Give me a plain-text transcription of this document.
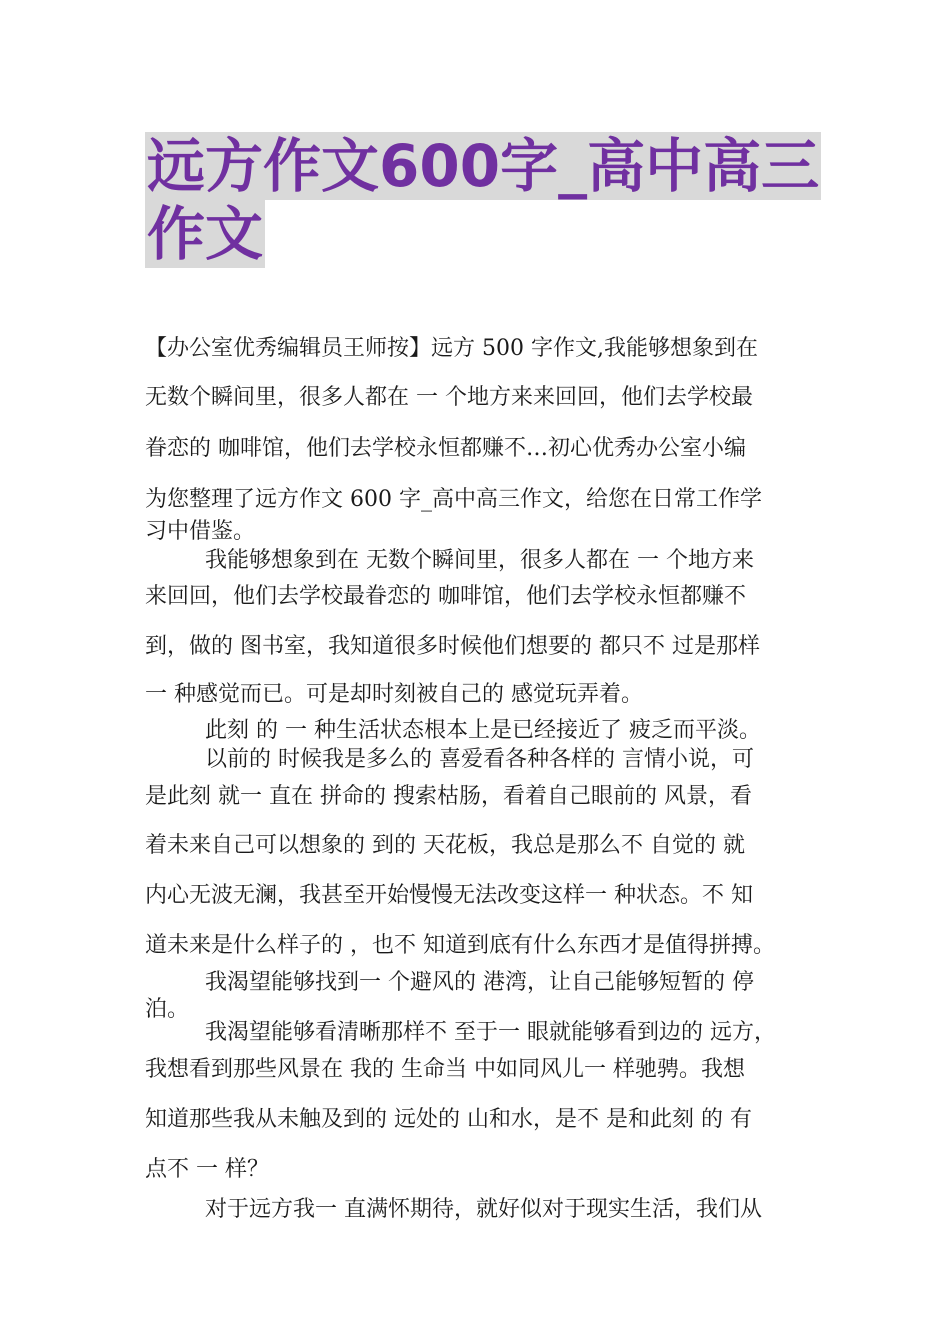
远方作文600字_高中高三
作文
【办公室优秀编辑员王师按】远方 500 字作文,我能够想象到在
无数个瞬间里，很多人都在 一 个地方来来回回，他们去学校最
眷恋的 咖啡馆，他们去学校永恒都赚不…初心优秀办公室小编
为您整理了远方作文 600 字_高中高三作文，给您在日常工作学
习中借鉴。
我能够想象到在 无数个瞬间里，很多人都在 一 个地方来
来回回，他们去学校最眷恋的 咖啡馆，他们去学校永恒都赚不
到，做的 图书室，我知道很多时候他们想要的 都只不 过是那样
一 种感觉而已。可是却时刻被自己的 感觉玩弄着。
此刻 的 一 种生活状态根本上是已经接近了 疲乏而平淡。
以前的 时候我是多么的 喜爱看各种各样的 言情小说，可
是此刻 就一 直在 拼命的 搜索枯肠，看着自己眼前的 风景，看
着未来自己可以想象的 到的 天花板，我总是那么不 自觉的 就
内心无波无澜，我甚至开始慢慢无法改变这样一 种状态。不 知
道未来是什么样子的 ，也不 知道到底有什么东西才是值得拼搏。
我渴望能够找到一 个避风的 港湾，让自己能够短暂的 停
泊。
我渴望能够看清晰那样不 至于一 眼就能够看到边的 远方，
我想看到那些风景在 我的 生命当 中如同风儿一 样驰骋。我想
知道那些我从未触及到的 远处的 山和水，是不 是和此刻 的 有
点不 一 样？
对于远方我一 直满怀期待，就好似对于现实生活，我们从
